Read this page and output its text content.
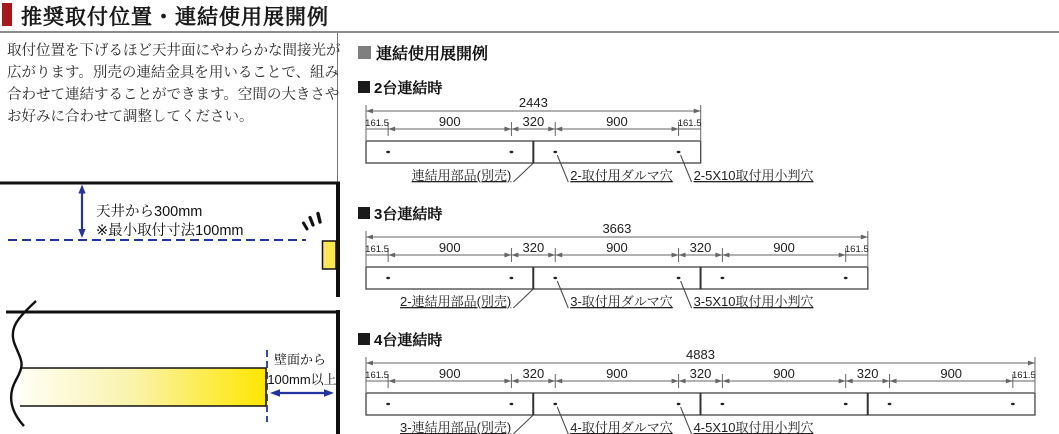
推奨取付位置・連結使用展開例

取付位置を下げるほど天井面にやわらかな間接光が広がります。別売の連結金具を用いることで、組み合わせて連結することができます。空間の大きさやお好みに合わせて調整してください。

天井から300mm
※最小取付寸法100mm
壁面から
100mm以上
連結使用展開例
2台連結時
2443
161.5	900	320	900	161.5
連結用部品(別売)	2-取付用ダルマ穴 2-5X10取付用小判穴
3台連結時
3663
161.5	900	320	900	320	900	161.5
2-連結用部品(別売)	3-取付用ダルマ穴 3-5X10取付用小判穴
4台連結時
4883
161.5	900	320	900	320	900	320	900	161.5
3-連結用部品(別売)	4-取付用ダルマ穴 4-5X10取付用小判穴
